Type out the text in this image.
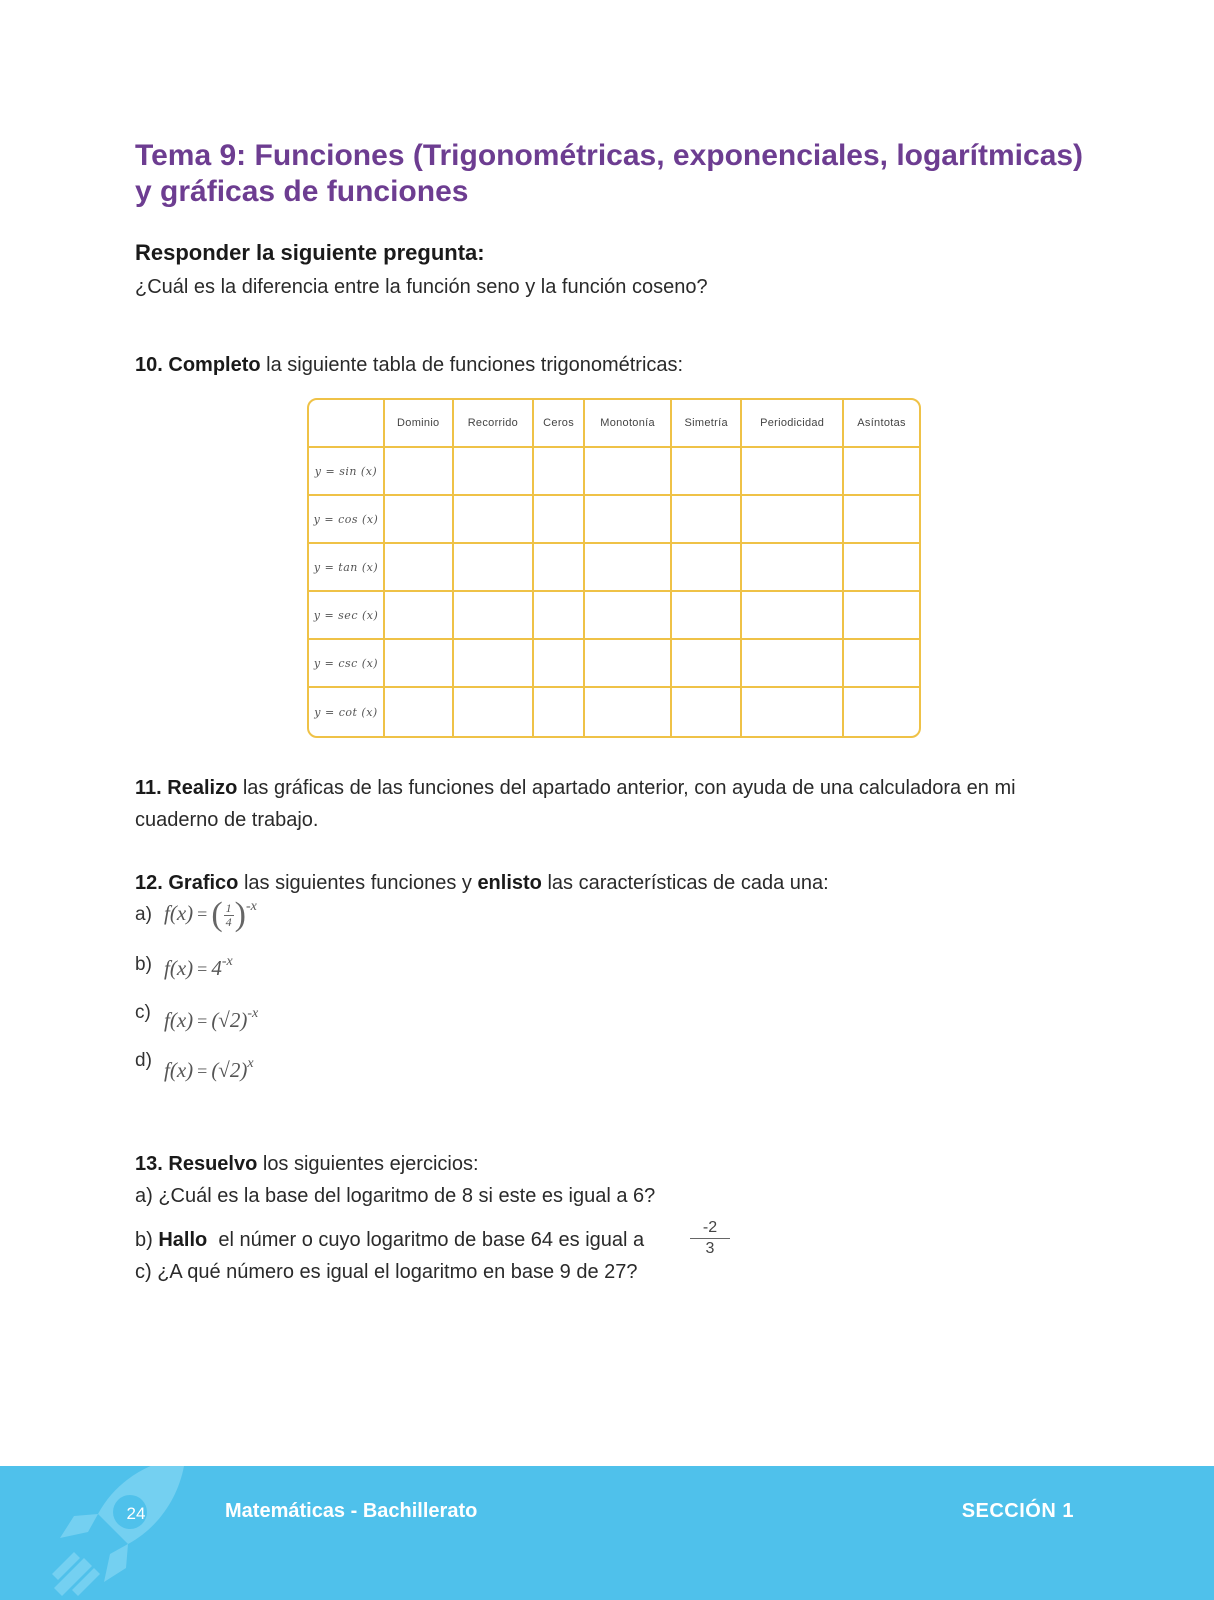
Tema 9: Funciones (Trigonométricas, exponenciales, logarítmicas) y gráficas de funciones
Responder la siguiente pregunta:
¿Cuál es la diferencia entre la función seno y la función coseno?
10. Completo la siguiente tabla de funciones trigonométricas:
	Dominio	Recorrido	Ceros	Monotonía	Simetría	Periodicidad	Asíntotas
y = sin (x)							
y = cos (x)							
y = tan (x)							
y = sec (x)							
y = csc (x)							
y = cot (x)							
11. Realizo las gráficas de las funciones del apartado anterior, con ayuda de una calculadora en mi cuaderno de trabajo.
12. Grafico las siguientes funciones y enlisto las características de cada una:
a) f(x) = ( $\frac{1}{4} )^{-x}$
b) $f(x) = 4^{-x}$
c) $f(x) = (√2)^{-x}$
d) $f(x) = (√2)^x$
13. Resuelvo los siguientes ejercicios:
a) ¿Cuál es la base del logaritmo de 8 si este es igual a 6?
b) Hallo  el númer o cuyo logaritmo de base 64 es igual a
c) ¿A qué número es igual el logaritmo en base 9 de 27?
$\frac{-2}{3}$
24	Matemáticas - Bachillerato	SECCIÓN 1
